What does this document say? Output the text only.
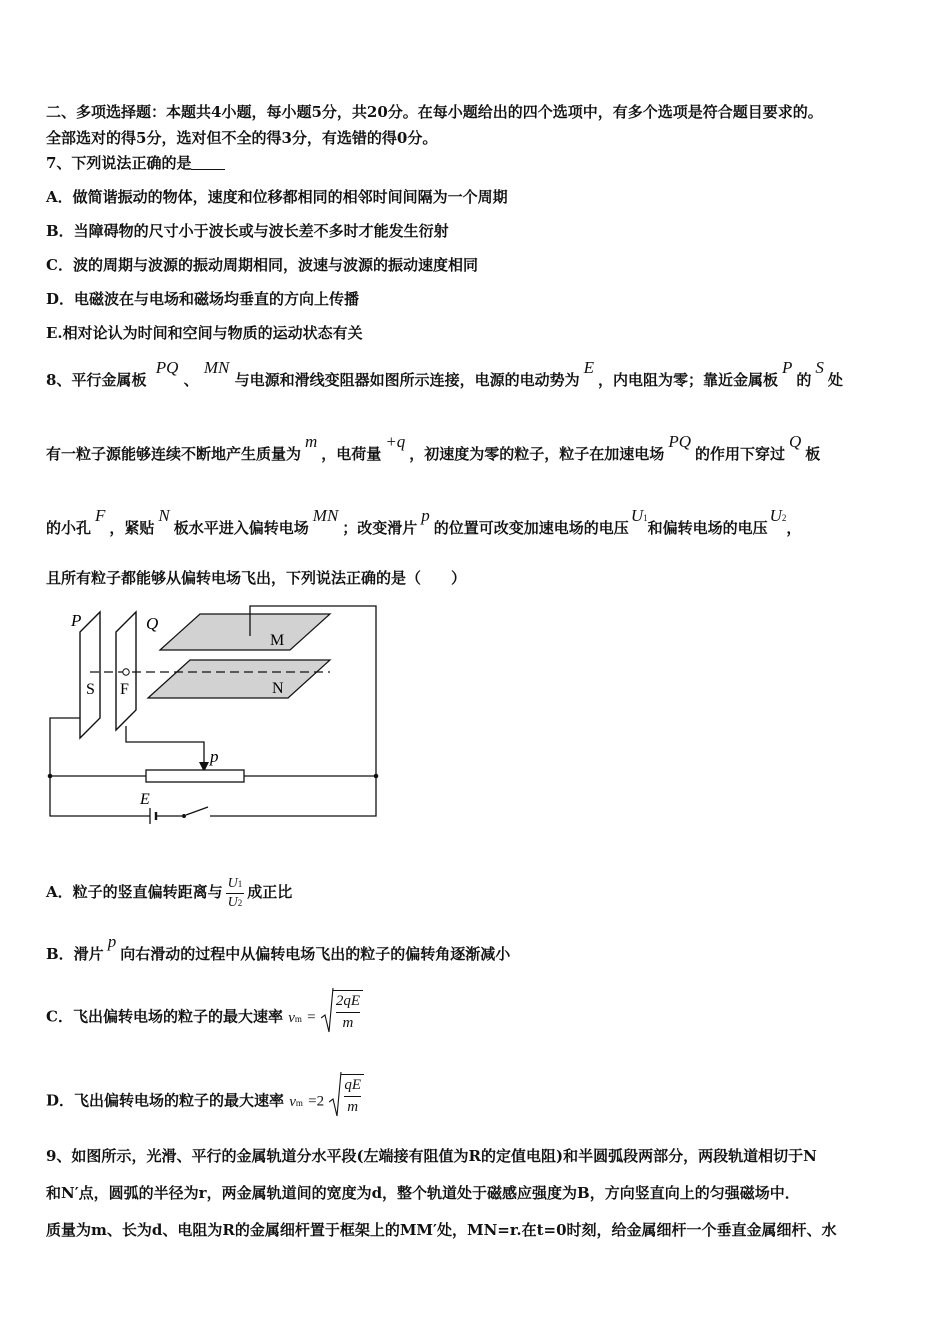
二、多项选择题：本题共4小题，每小题5分，共20分。在每小题给出的四个选项中，有多个选项是符合题目要求的。
全部选对的得5分，选对但不全的得3分，有选错的得0分。
7、下列说法正确的是
A．做简谐振动的物体，速度和位移都相同的相邻时间间隔为一个周期
B．当障碍物的尺寸小于波长或与波长差不多时才能发生衍射
C．波的周期与波源的振动周期相同，波速与波源的振动速度相同
D．电磁波在与电场和磁场均垂直的方向上传播
E.相对论认为时间和空间与物质的运动状态有关
8、平行金属板 PQ 、 MN 与电源和滑线变阻器如图所示连接，电源的电动势为E，内电阻为零；靠近金属板P的S处
有一粒子源能够连续不断地产生质量为m，电荷量+q，初速度为零的粒子，粒子在加速电场PQ的作用下穿过Q板
的小孔F，紧贴N板水平进入偏转电场MN；改变滑片p的位置可改变加速电场的电压U1和偏转电场的电压U2，
且所有粒子都能够从偏转电场飞出，下列说法正确的是（　　）
P	Q
M
N
S F
p
E
A．粒子的竖直偏转距离与 $\frac{U1}{U2}$ 成正比
B．滑片p向右滑动的过程中从偏转电场飞出的粒子的偏转角逐渐减小
C．飞出偏转电场的粒子的最大速率 vm = $\frac{2qE}{m}$
D．飞出偏转电场的粒子的最大速率 vm $=2 \frac{qE}{m}$
9、如图所示，光滑、平行的金属轨道分水平段(左端接有阻值为R的定值电阻)和半圆弧段两部分，两段轨道相切于N
和N′点，圆弧的半径为r，两金属轨道间的宽度为d，整个轨道处于磁感应强度为B，方向竖直向上的匀强磁场中．
质量为m、长为d、电阻为R的金属细杆置于框架上的MM′处，MN=r.在t=0时刻，给金属细杆一个垂直金属细杆、水
